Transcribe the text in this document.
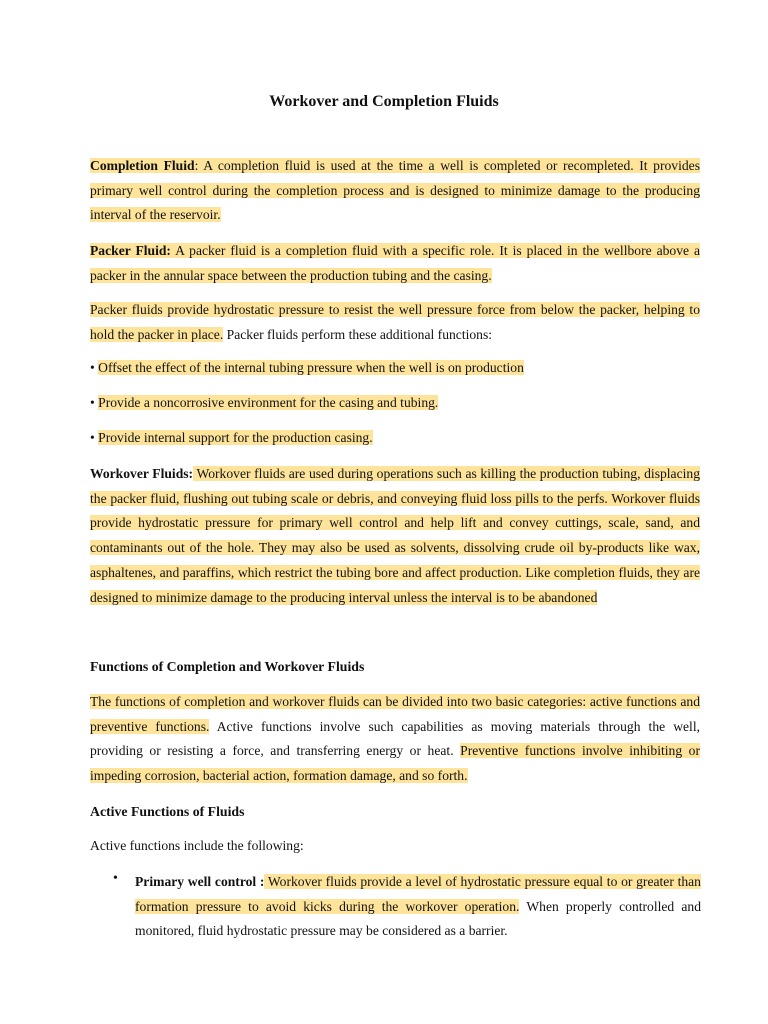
Workover and Completion Fluids
Completion Fluid: A completion fluid is used at the time a well is completed or recompleted. It provides primary well control during the completion process and is designed to minimize damage to the producing interval of the reservoir.
Packer Fluid: A packer fluid is a completion fluid with a specific role. It is placed in the wellbore above a packer in the annular space between the production tubing and the casing.
Packer fluids provide hydrostatic pressure to resist the well pressure force from below the packer, helping to hold the packer in place. Packer fluids perform these additional functions:
• Offset the effect of the internal tubing pressure when the well is on production
• Provide a noncorrosive environment for the casing and tubing.
• Provide internal support for the production casing.
Workover Fluids: Workover fluids are used during operations such as killing the production tubing, displacing the packer fluid, flushing out tubing scale or debris, and conveying fluid loss pills to the perfs. Workover fluids provide hydrostatic pressure for primary well control and help lift and convey cuttings, scale, sand, and contaminants out of the hole. They may also be used as solvents, dissolving crude oil by-products like wax, asphaltenes, and paraffins, which restrict the tubing bore and affect production. Like completion fluids, they are designed to minimize damage to the producing interval unless the interval is to be abandoned
Functions of Completion and Workover Fluids
The functions of completion and workover fluids can be divided into two basic categories: active functions and preventive functions. Active functions involve such capabilities as moving materials through the well, providing or resisting a force, and transferring energy or heat. Preventive functions involve inhibiting or impeding corrosion, bacterial action, formation damage, and so forth.
Active Functions of Fluids
Active functions include the following:
• Primary well control : Workover fluids provide a level of hydrostatic pressure equal to or greater than formation pressure to avoid kicks during the workover operation. When properly controlled and monitored, fluid hydrostatic pressure may be considered as a barrier.
